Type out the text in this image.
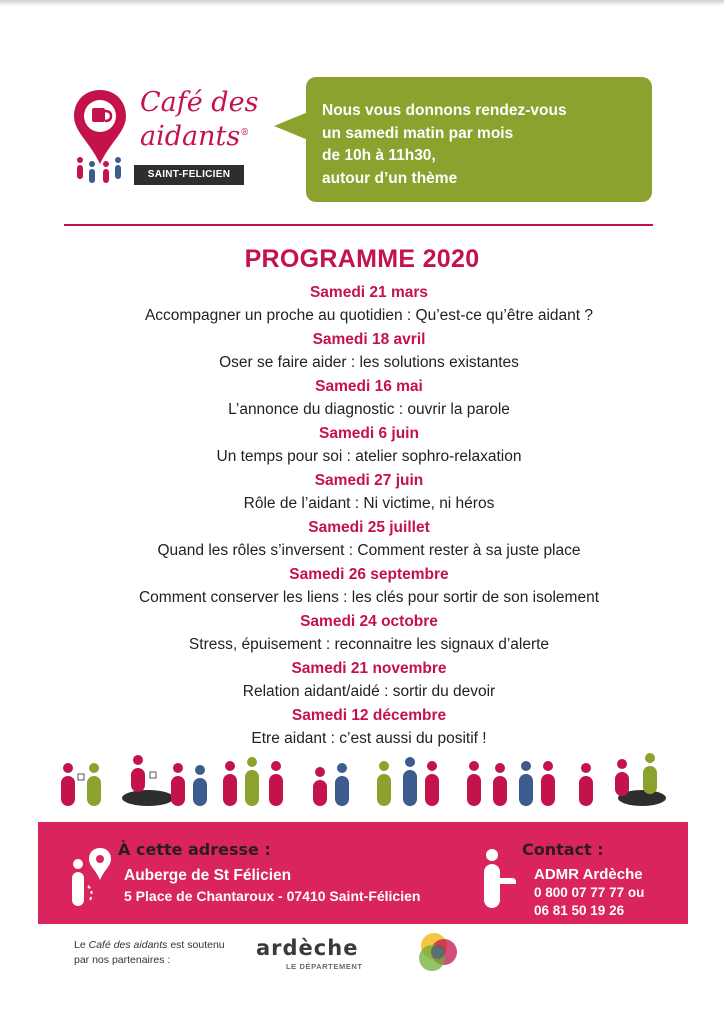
Café des
aidants®
SAINT-FELICIEN
Nous vous donnons rendez-vous
un samedi matin par mois
de 10h à 11h30,
autour d’un thème
PROGRAMME 2020
Samedi 21 mars
Accompagner un proche au quotidien : Qu’est-ce qu’être aidant ?
Samedi 18 avril
Oser se faire aider : les solutions existantes
Samedi 16 mai
L’annonce du diagnostic : ouvrir la parole
Samedi 6 juin
Un temps pour soi : atelier sophro-relaxation
Samedi 27 juin
Rôle de l’aidant : Ni victime, ni héros
Samedi 25 juillet
Quand les rôles s’inversent : Comment rester à sa juste place
Samedi 26 septembre
Comment conserver les liens : les clés pour sortir de son isolement
Samedi 24 octobre
Stress, épuisement : reconnaitre les signaux d’alerte
Samedi 21 novembre
Relation aidant/aidé : sortir du devoir
Samedi 12 décembre
Etre aidant : c’est aussi du positif !
À cette adresse :
Auberge de St Félicien
5 Place de Chantaroux - 07410 Saint-Félicien
Contact :
ADMR Ardèche
0 800 07 77 77 ou
06 81 50 19 26
Le Café des aidants est soutenu
par nos partenaires :	ardèche
LE DÉPARTEMENT
